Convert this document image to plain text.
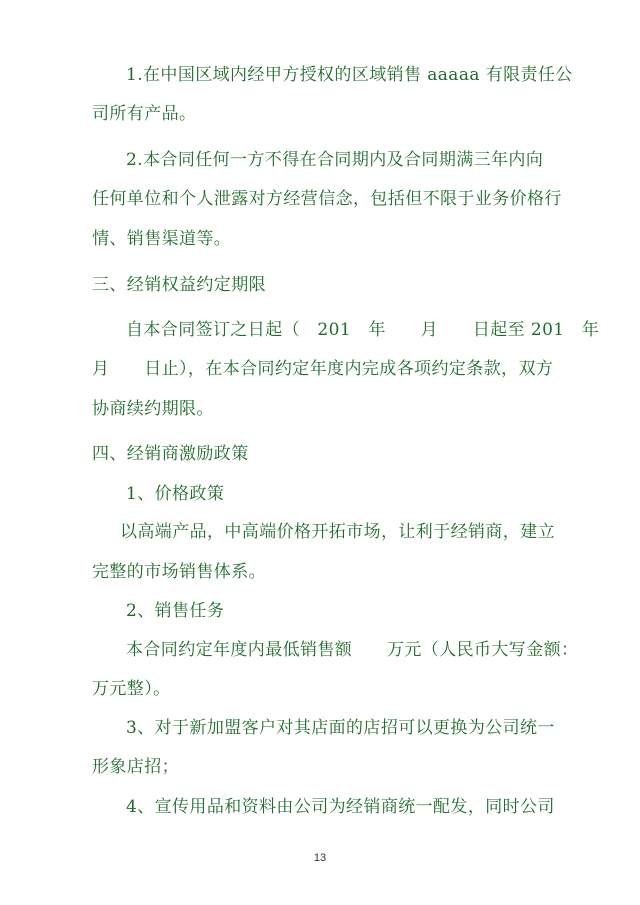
1.在中国区域内经甲方授权的区域销售 aaaaa 有限责任公
司所有产品。
2.本合同任何一方不得在合同期内及合同期满三年内向
任何单位和个人泄露对方经营信念，包括但不限于业务价格行
情、销售渠道等。
三、经销权益约定期限
自本合同签订之日起（　201　年　　月　　日起至 201　年
月　　日止），在本合同约定年度内完成各项约定条款，双方
协商续约期限。
四、经销商激励政策
1、价格政策
以高端产品，中高端价格开拓市场，让利于经销商，建立
完整的市场销售体系。
2、销售任务
本合同约定年度内最低销售额　　万元（人民币大写金额：
万元整）。
3、对于新加盟客户对其店面的店招可以更换为公司统一
形象店招；
4、宣传用品和资料由公司为经销商统一配发，同时公司
13
